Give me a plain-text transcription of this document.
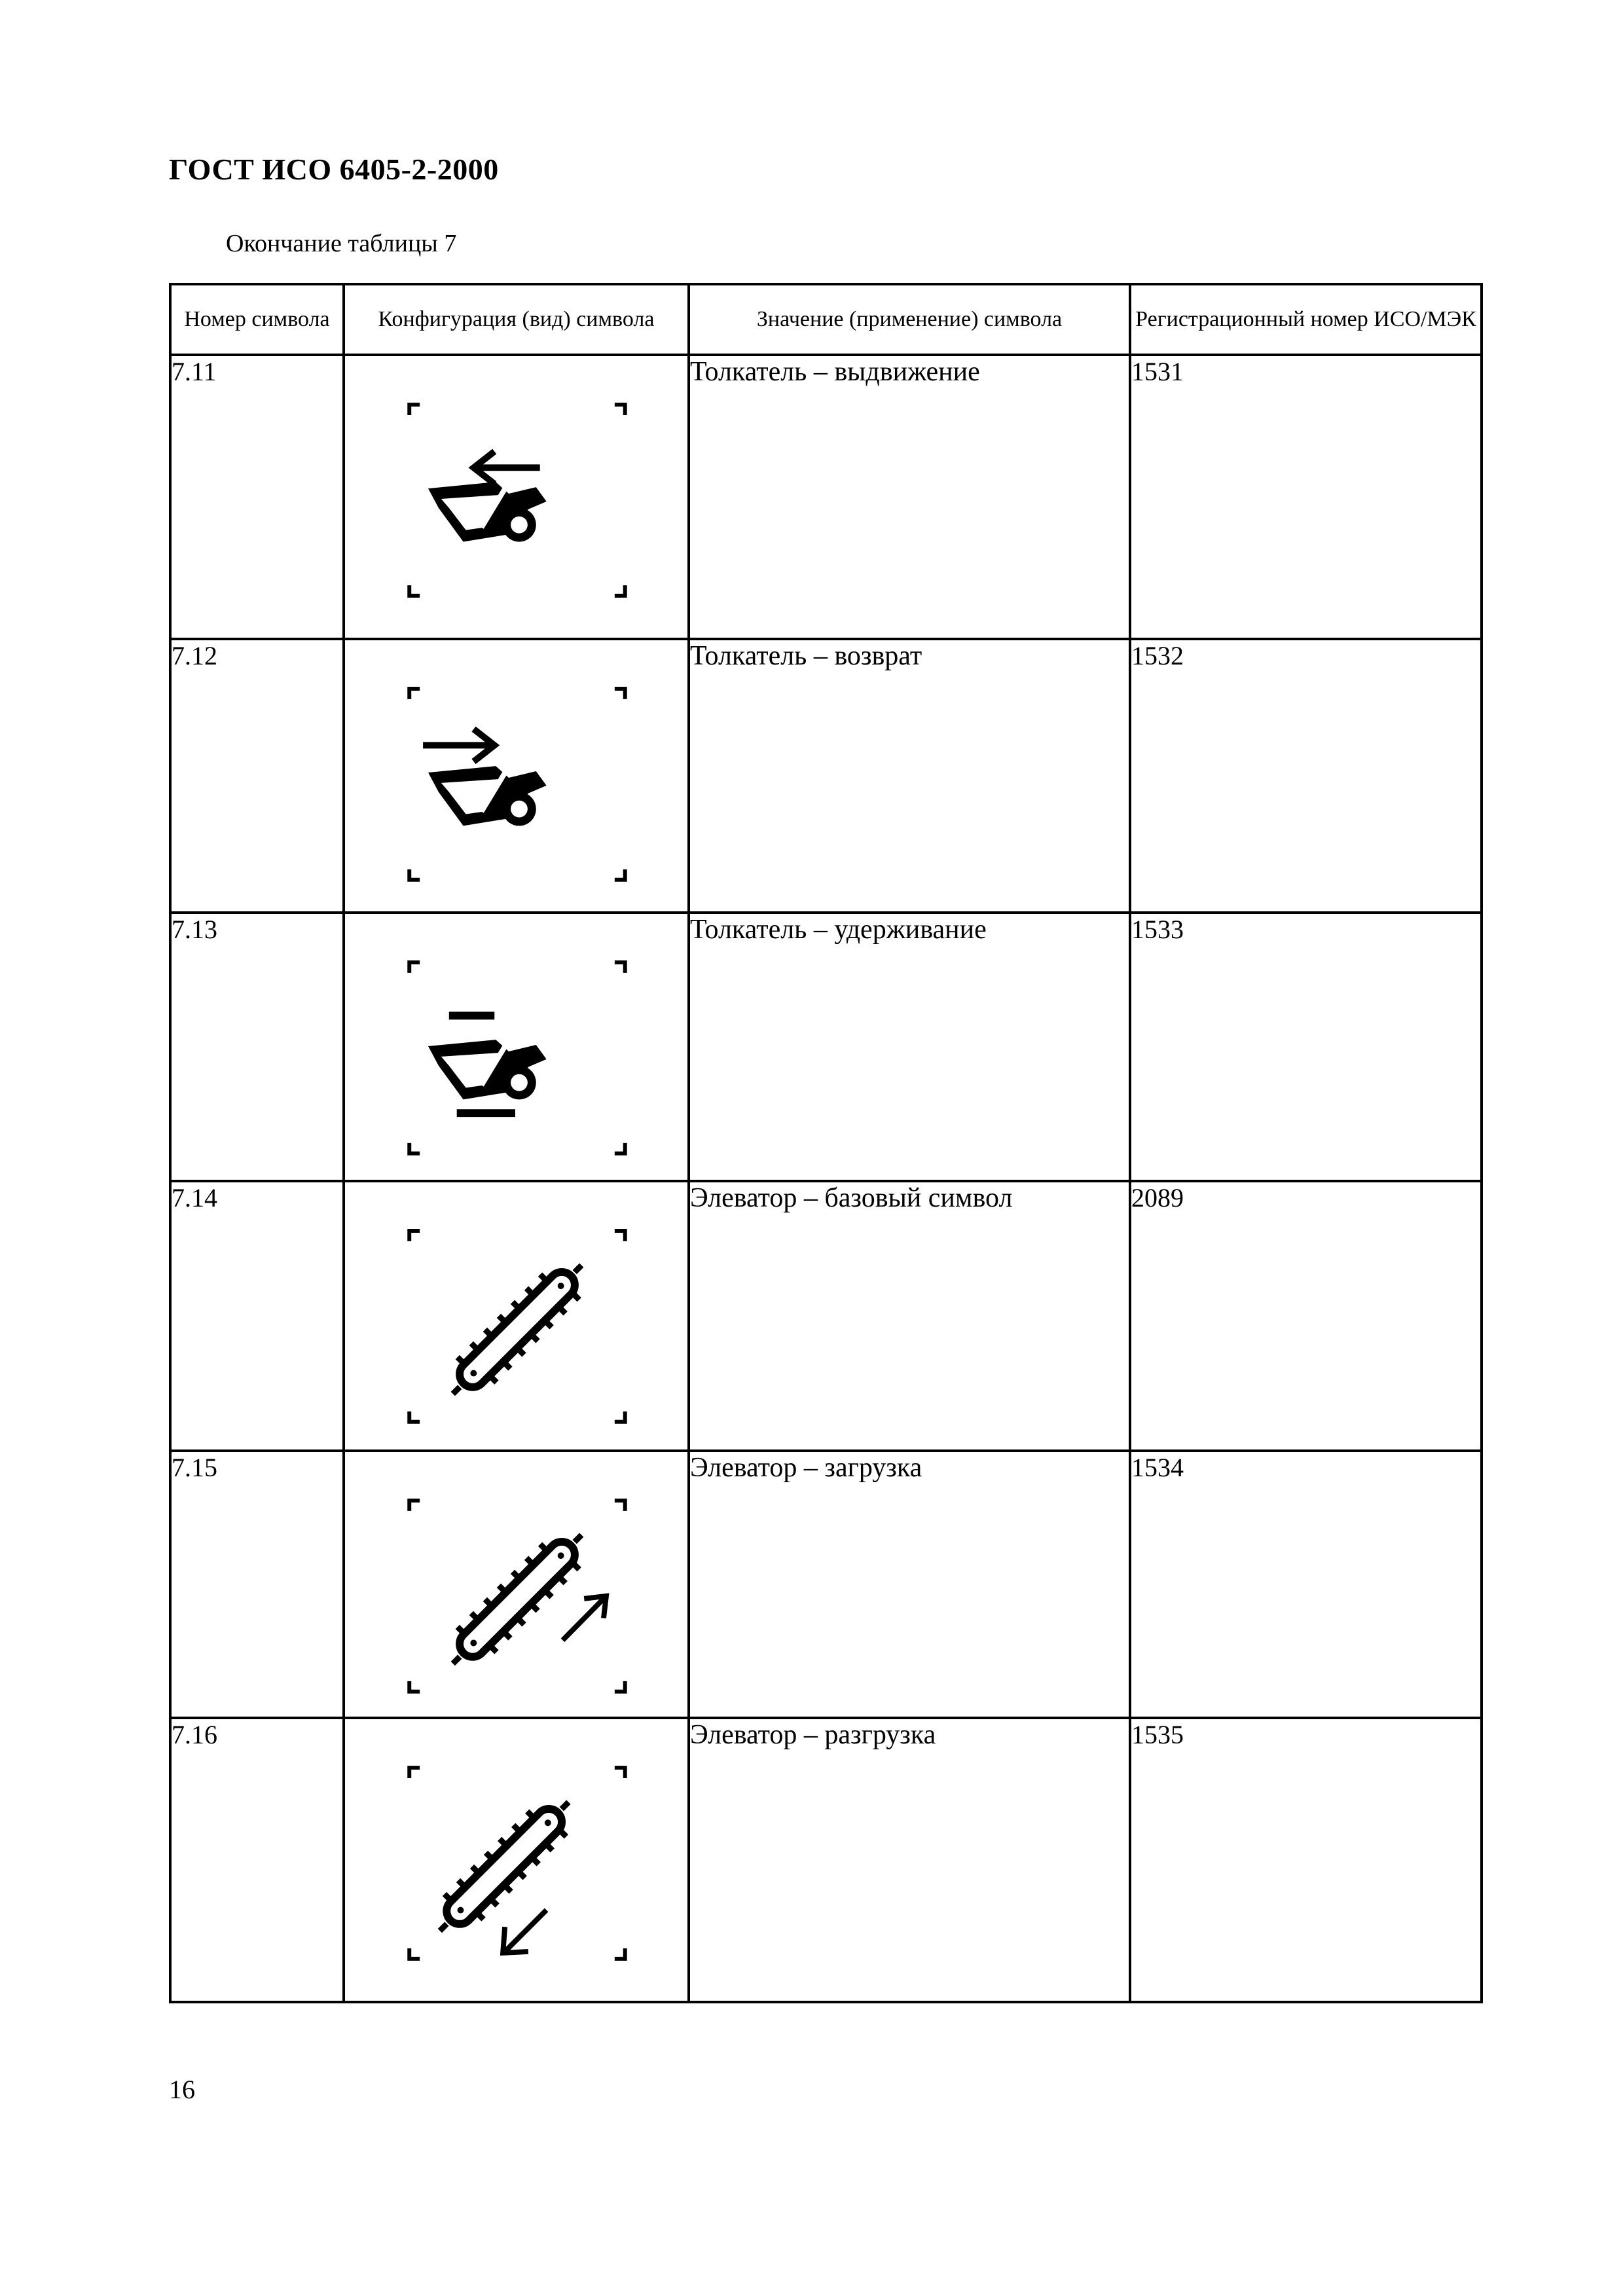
ГОСТ ИСО 6405-2-2000
Окончание таблицы 7
Номер символа	Конфигурация (вид) символа	Значение (применение) символа	Регистрационный номер ИСО/МЭК
7.11		Толкатель – выдвижение	1531
7.12		Толкатель – возврат	1532
7.13		Толкатель – удерживание	1533
7.14		Элеватор – базовый символ	2089
7.15		Элеватор – загрузка	1534
7.16		Элеватор – разгрузка	1535
16
